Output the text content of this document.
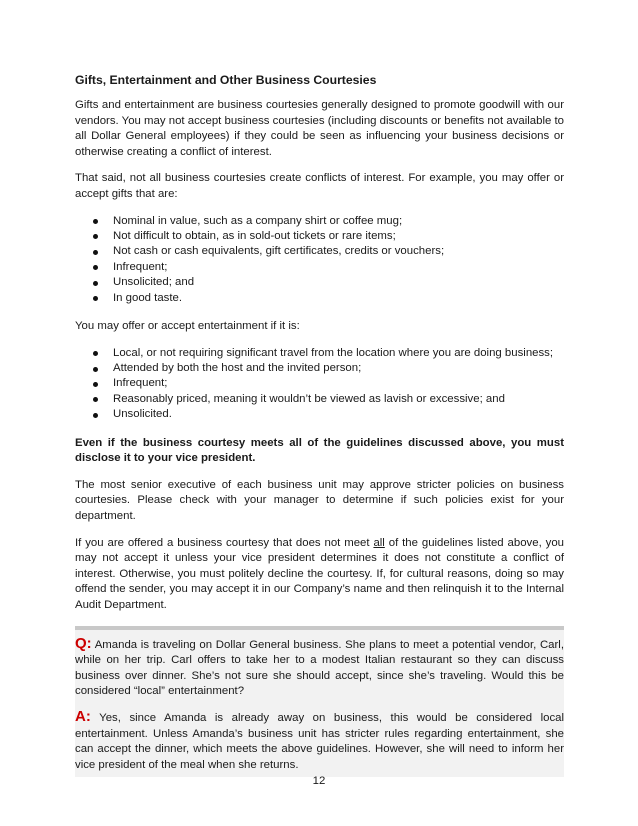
Gifts, Entertainment and Other Business Courtesies

Gifts and entertainment are business courtesies generally designed to promote goodwill with our vendors. You may not accept business courtesies (including discounts or benefits not available to all Dollar General employees) if they could be seen as influencing your business decisions or otherwise creating a conflict of interest.

That said, not all business courtesies create conflicts of interest. For example, you may offer or accept gifts that are:

Nominal in value, such as a company shirt or coffee mug;
Not difficult to obtain, as in sold-out tickets or rare items;
Not cash or cash equivalents, gift certificates, credits or vouchers;
Infrequent;
Unsolicited; and
In good taste.

You may offer or accept entertainment if it is:

Local, or not requiring significant travel from the location where you are doing business;
Attended by both the host and the invited person;
Infrequent;
Reasonably priced, meaning it wouldn’t be viewed as lavish or excessive; and
Unsolicited.

Even if the business courtesy meets all of the guidelines discussed above, you must disclose it to your vice president.

The most senior executive of each business unit may approve stricter policies on business courtesies. Please check with your manager to determine if such policies exist for your department.

If you are offered a business courtesy that does not meet all of the guidelines listed above, you may not accept it unless your vice president determines it does not constitute a conflict of interest. Otherwise, you must politely decline the courtesy. If, for cultural reasons, doing so may offend the sender, you may accept it in our Company’s name and then relinquish it to the Internal Audit Department.

Q: Amanda is traveling on Dollar General business. She plans to meet a potential vendor, Carl, while on her trip. Carl offers to take her to a modest Italian restaurant so they can discuss business over dinner. She’s not sure she should accept, since she’s traveling. Would this be considered “local” entertainment?

A: Yes, since Amanda is already away on business, this would be considered local entertainment. Unless Amanda’s business unit has stricter rules regarding entertainment, she can accept the dinner, which meets the above guidelines. However, she will need to inform her vice president of the meal when she returns.

12
